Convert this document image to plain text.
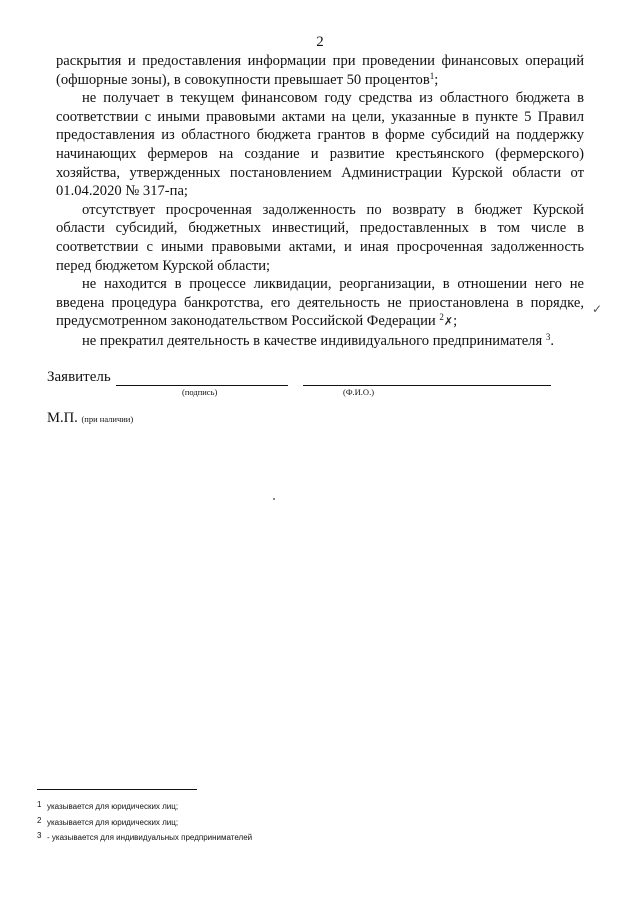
2

раскрытия и предоставления информации при проведении финансовых операций (офшорные зоны), в совокупности превышает 50 процентов$^1$;

не получает в текущем финансовом году средства из областного бюджета в соответствии с иными правовыми актами на цели, указанные в пункте 5 Правил предоставления из областного бюджета грантов в форме субсидий на поддержку начинающих фермеров на создание и развитие крестьянского (фермерского) хозяйства, утвержденных постановлением Администрации Курской области от 01.04.2020 № 317-па;

отсутствует просроченная задолженность по возврату в бюджет Курской области субсидий, бюджетных инвестиций, предоставленных в том числе в соответствии с иными правовыми актами, и иная просроченная задолженность перед бюджетом Курской области;

не находится в процессе ликвидации, реорганизации, в отношении него не введена процедура банкротства, его деятельность не приостановлена в порядке, предусмотренном законодательством Российской Федерации $^2$✗;

не прекратил деятельность в качестве индивидуального предпринимателя $^3$.

✓
Заявитель
(подпись)	(Ф.И.О.)
М.П. (при наличии)
1 указывается для юридических лиц;
2 указывается для юридических лиц;
3 - указывается для индивидуальных предпринимателей
